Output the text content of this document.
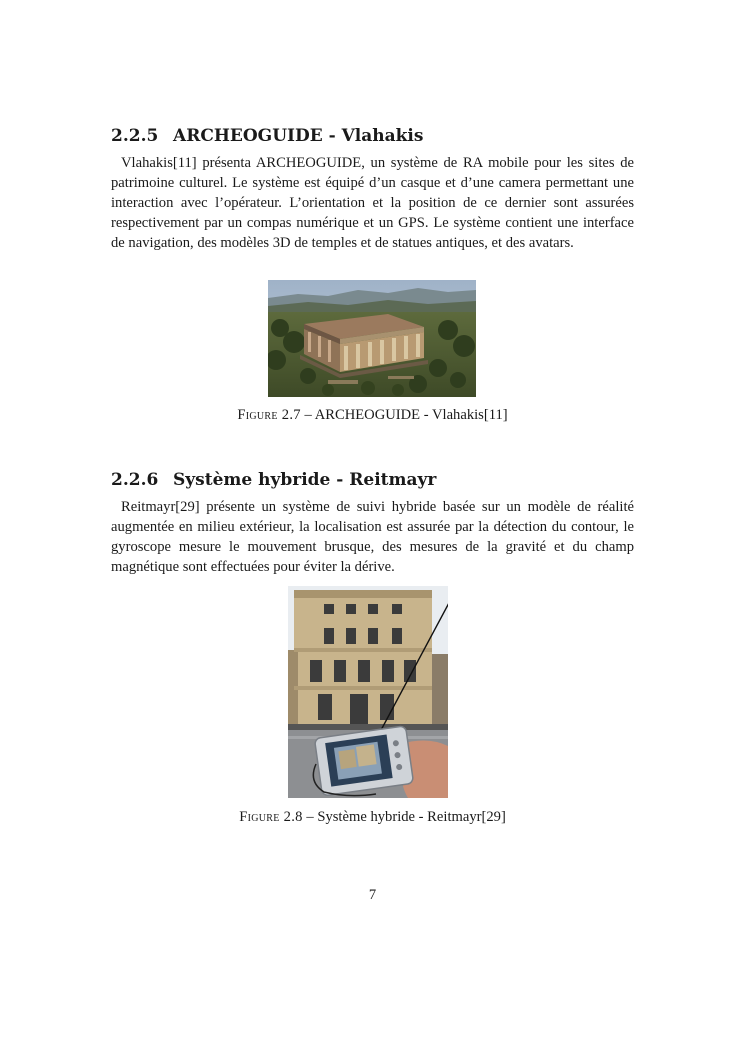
2.2.5 ARCHEOGUIDE - Vlahakis

Vlahakis[11] présenta ARCHEOGUIDE, un système de RA mobile pour les sites de patrimoine culturel. Le système est équipé d’un casque et d’une camera permettant une interaction avec l’opérateur. L’orientation et la position de ce dernier sont assurées respectivement par un compas numérique et un GPS. Le système contient une interface de navigation, des modèles 3D de temples et de statues antiques, et des avatars.

Figure 2.7 – ARCHEOGUIDE - Vlahakis[11]

2.2.6 Système hybride - Reitmayr

Reitmayr[29] présente un système de suivi hybride basée sur un modèle de réalité augmentée en milieu extérieur, la localisation est assurée par la détection du contour, le gyroscope mesure le mouvement brusque, des mesures de la gravité et du champ magnétique sont effectuées pour éviter la dérive.

Figure 2.8 – Système hybride - Reitmayr[29]

7
